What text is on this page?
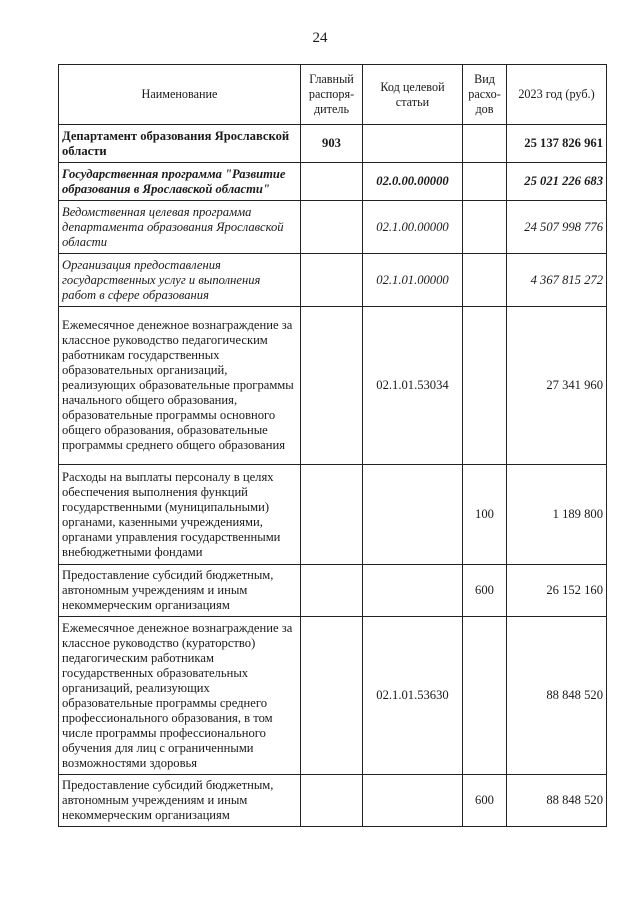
24
Наименование	Главный распоря-дитель	Код целевой статьи	Вид расхо-дов	2023 год (руб.)
Департамент образования Ярославской области	903			25 137 826 961
Государственная программа "Развитие образования в Ярославской области"		02.0.00.00000		25 021 226 683
Ведомственная целевая программа департамента образования Ярославской области		02.1.00.00000		24 507 998 776
Организация предоставления государственных услуг и выполнения работ в сфере образования		02.1.01.00000		4 367 815 272
Ежемесячное денежное вознаграждение за классное руководство педагогическим работникам государственных образовательных организаций, реализующих образовательные программы начального общего образования, образовательные программы основного общего образования, образовательные программы среднего общего образования		02.1.01.53034		27 341 960
Расходы на выплаты персоналу в целях обеспечения выполнения функций государственными (муниципальными) органами, казенными учреждениями, органами управления государственными внебюджетными фондами			100	1 189 800
Предоставление субсидий бюджетным, автономным учреждениям и иным некоммерческим организациям			600	26 152 160
Ежемесячное денежное вознаграждение за классное руководство (кураторство) педагогическим работникам государственных образовательных организаций, реализующих образовательные программы среднего профессионального образования, в том числе программы профессионального обучения для лиц с ограниченными возможностями здоровья		02.1.01.53630		88 848 520
Предоставление субсидий бюджетным, автономным учреждениям и иным некоммерческим организациям			600	88 848 520
